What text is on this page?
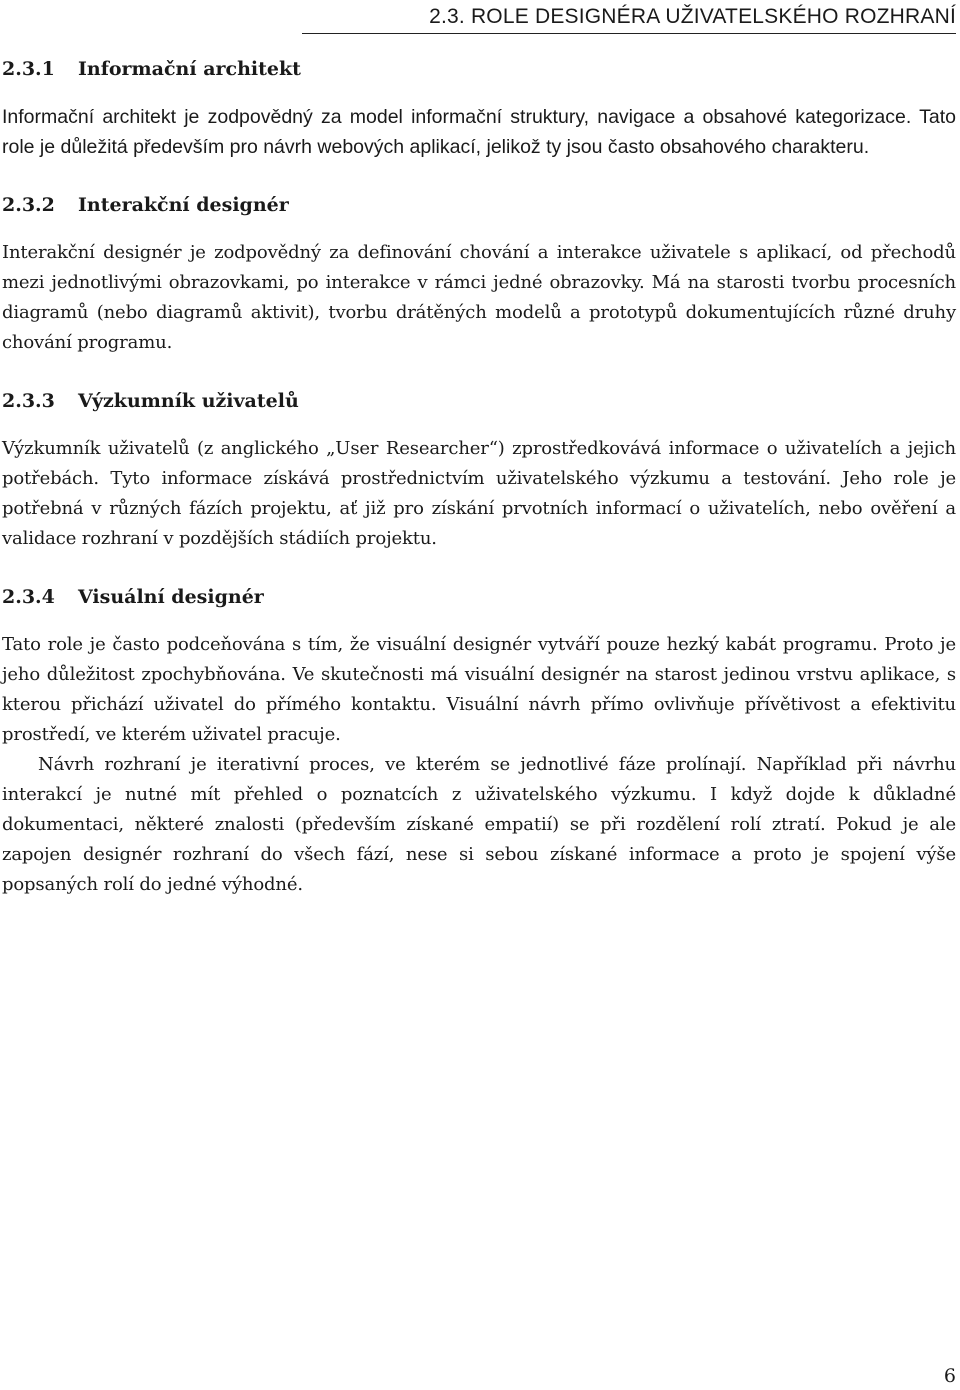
2.3. ROLE DESIGNÉRA UŽIVATELSKÉHO ROZHRANÍ
2.3.1 Informační architekt

Informační architekt je zodpovědný za model informační struktury, navigace a obsahové kategorizace. Tato role je důležitá především pro návrh webových aplikací, jelikož ty jsou často obsahového charakteru.

2.3.2 Interakční designér

Interakční designér je zodpovědný za definování chování a interakce uživatele s aplikací, od přechodů mezi jednotlivými obrazovkami, po interakce v rámci jedné obrazovky. Má na starosti tvorbu procesních diagramů (nebo diagramů aktivit), tvorbu drátěných modelů a prototypů dokumentujících různé druhy chování programu.

2.3.3 Výzkumník uživatelů

Výzkumník uživatelů (z anglického „User Researcher“) zprostředkovává informace o uživatelích a jejich potřebách. Tyto informace získává prostřednictvím uživatelského výzkumu a testování. Jeho role je potřebná v různých fázích projektu, ať již pro získání prvotních informací o uživatelích, nebo ověření a validace rozhraní v pozdějších stádiích projektu.

2.3.4 Visuální designér

Tato role je často podceňována s tím, že visuální designér vytváří pouze hezký kabát programu. Proto je jeho důležitost zpochybňována. Ve skutečnosti má visuální designér na starost jedinou vrstvu aplikace, s kterou přichází uživatel do přímého kontaktu. Visuální návrh přímo ovlivňuje přívětivost a efektivitu prostředí, ve kterém uživatel pracuje.

Návrh rozhraní je iterativní proces, ve kterém se jednotlivé fáze prolínají. Například při návrhu interakcí je nutné mít přehled o poznatcích z uživatelského výzkumu. I když dojde k důkladné dokumentaci, některé znalosti (především získané empatií) se při rozdělení rolí ztratí. Pokud je ale zapojen designér rozhraní do všech fází, nese si sebou získané informace a proto je spojení výše popsaných rolí do jedné výhodné.

6
